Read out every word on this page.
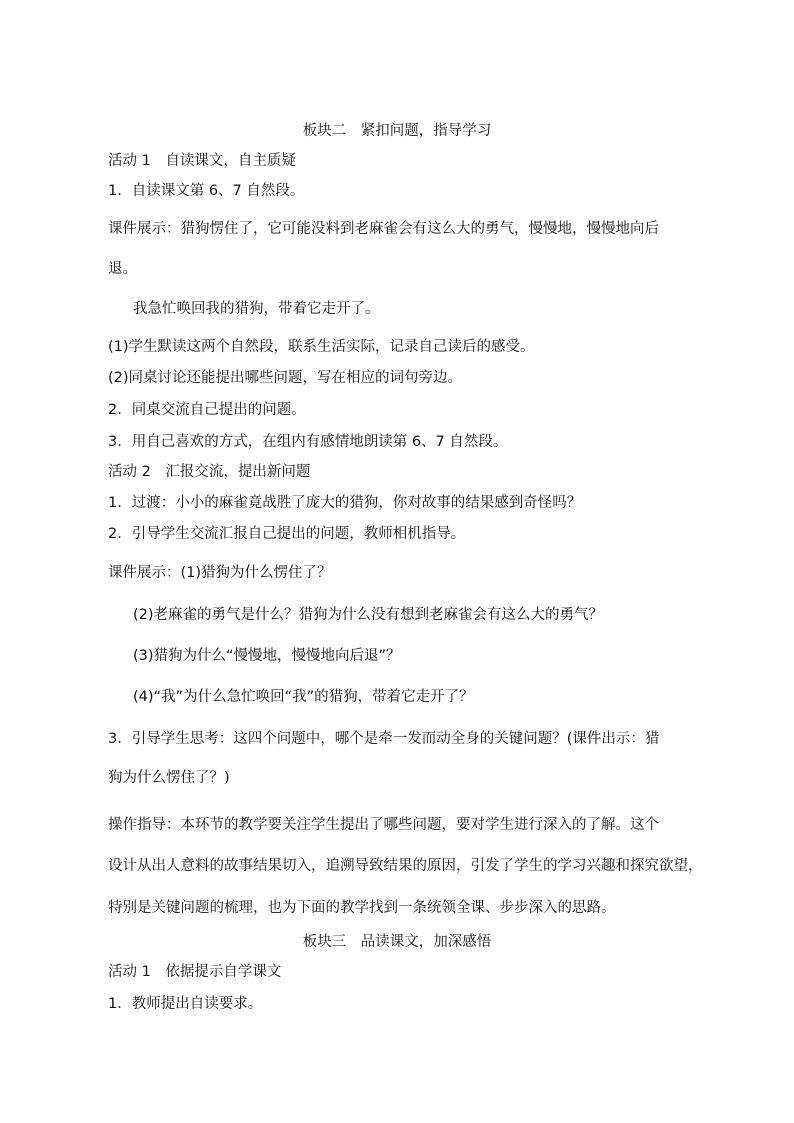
板块二　紧扣问题，指导学习

活动 1　自读课文，自主质疑

1．自读课文第 6、7 自然段。

课件展示：猎狗愣住了，它可能没料到老麻雀会有这么大的勇气，慢慢地，慢慢地向后

退。

我急忙唤回我的猎狗，带着它走开了。

(1)学生默读这两个自然段，联系生活实际，记录自己读后的感受。

(2)同桌讨论还能提出哪些问题，写在相应的词句旁边。

2．同桌交流自己提出的问题。

3．用自己喜欢的方式，在组内有感情地朗读第 6、7 自然段。

活动 2　汇报交流，提出新问题

1．过渡：小小的麻雀竟战胜了庞大的猎狗，你对故事的结果感到奇怪吗？

2．引导学生交流汇报自己提出的问题，教师相机指导。

课件展示：(1)猎狗为什么愣住了？

(2)老麻雀的勇气是什么？猎狗为什么没有想到老麻雀会有这么大的勇气？

(3)猎狗为什么“慢慢地，慢慢地向后退”？

(4)“我”为什么急忙唤回“我”的猎狗，带着它走开了？

3．引导学生思考：这四个问题中，哪个是牵一发而动全身的关键问题？(课件出示：猎

狗为什么愣住了？)

操作指导：本环节的教学要关注学生提出了哪些问题，要对学生进行深入的了解。这个

设计从出人意料的故事结果切入，追溯导致结果的原因，引发了学生的学习兴趣和探究欲望，

特别是关键问题的梳理，也为下面的教学找到一条统领全课、步步深入的思路。

板块三　品读课文，加深感悟

活动 1　依据提示自学课文

1．教师提出自读要求。
